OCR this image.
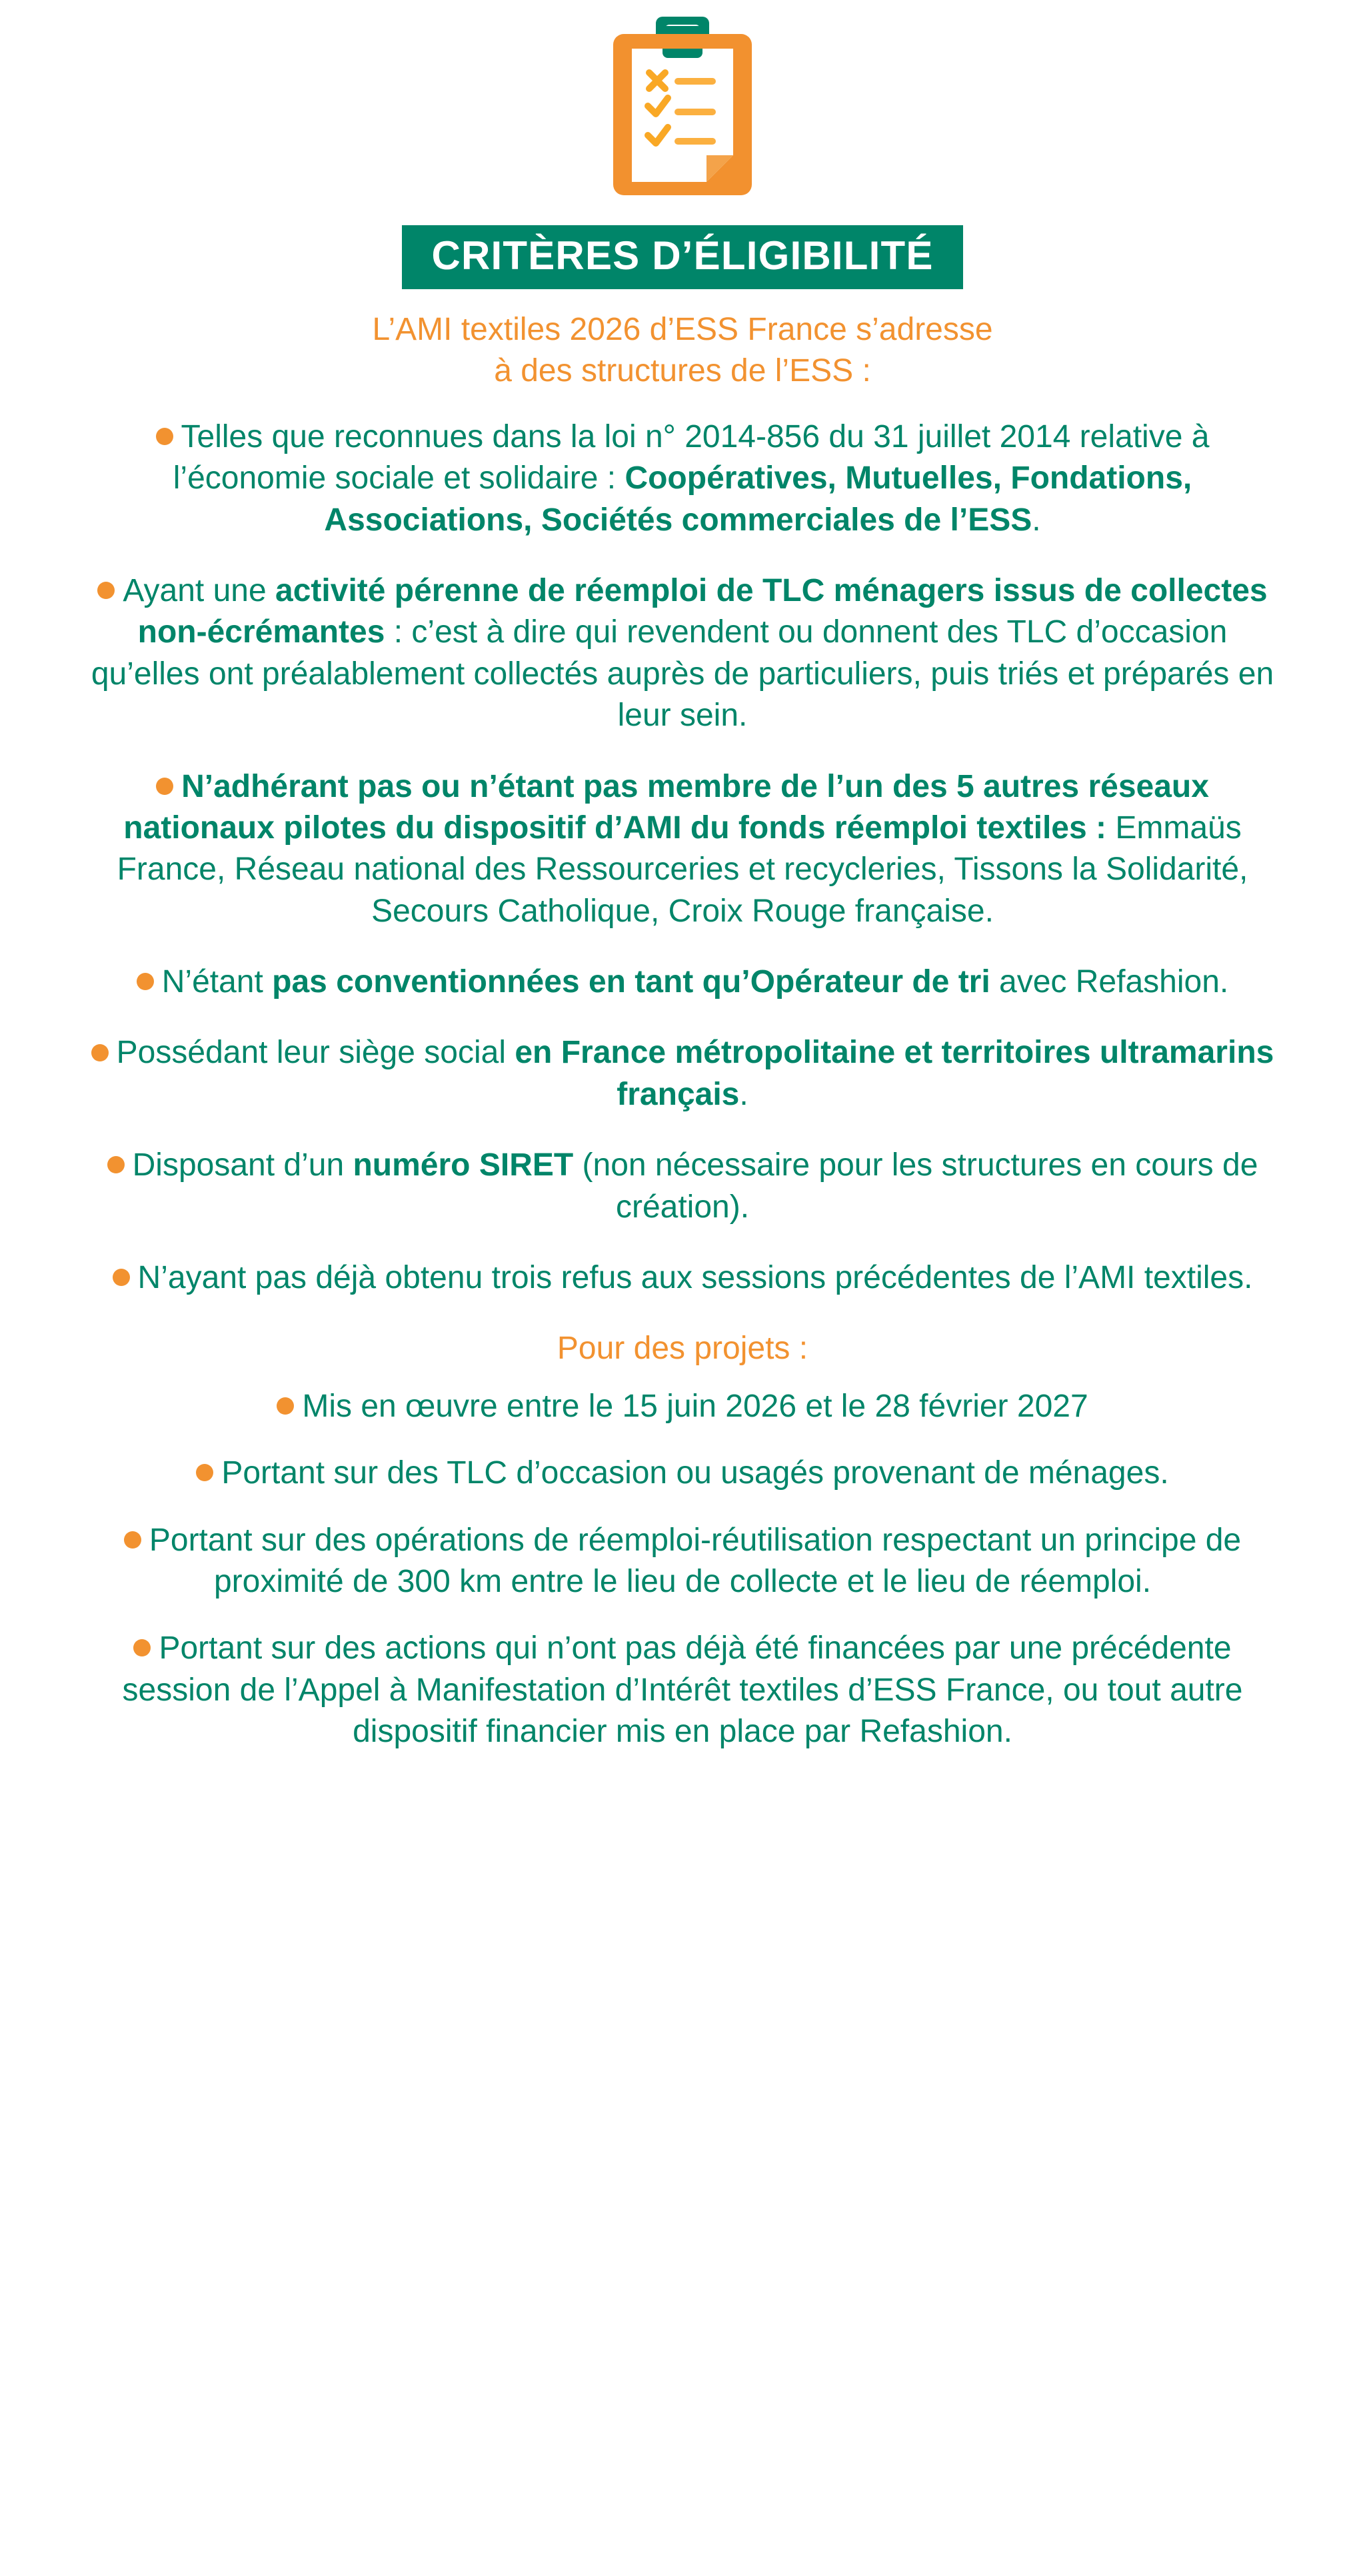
CRITÈRES D’ÉLIGIBILITÉ

L’AMI textiles 2026 d’ESS France s’adresse
à des structures de l’ESS :

Telles que reconnues dans la loi n° 2014-856 du 31 juillet 2014 relative à l’économie sociale et solidaire : Coopératives, Mutuelles, Fondations, Associations, Sociétés commerciales de l’ESS.

Ayant une activité pérenne de réemploi de TLC ménagers issus de collectes non-écrémantes : c’est à dire qui revendent ou donnent des TLC d’occasion qu’elles ont préalablement collectés auprès de particuliers, puis triés et préparés en leur sein.

N’adhérant pas ou n’étant pas membre de l’un des 5 autres réseaux nationaux pilotes du dispositif d’AMI du fonds réemploi textiles : Emmaüs France, Réseau national des Ressourceries et recycleries, Tissons la Solidarité, Secours Catholique, Croix Rouge française.

N’étant pas conventionnées en tant qu’Opérateur de tri avec Refashion.

Possédant leur siège social en France métropolitaine et territoires ultramarins français.

Disposant d’un numéro SIRET (non nécessaire pour les structures en cours de création).

N’ayant pas déjà obtenu trois refus aux sessions précédentes de l’AMI textiles.

Pour des projets :

Mis en œuvre entre le 15 juin 2026 et le 28 février 2027

Portant sur des TLC d’occasion ou usagés provenant de ménages.

Portant sur des opérations de réemploi-réutilisation respectant un principe de proximité de 300 km entre le lieu de collecte et le lieu de réemploi.

Portant sur des actions qui n’ont pas déjà été financées par une précédente session de l’Appel à Manifestation d’Intérêt textiles d’ESS France, ou tout autre dispositif financier mis en place par Refashion.
